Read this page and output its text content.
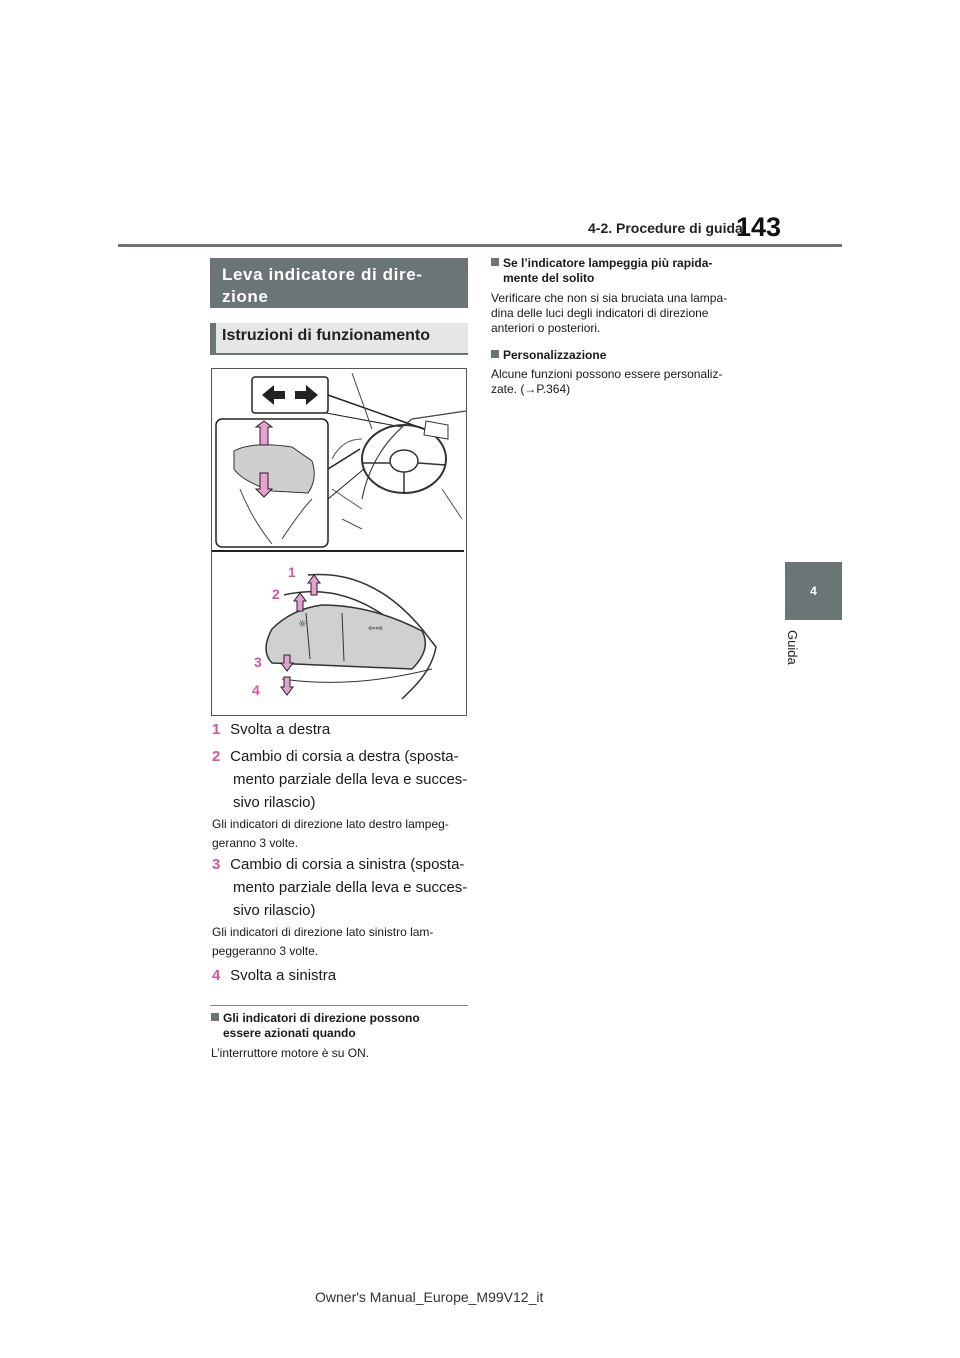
4-2. Procedure di guida
143
4
Guida
Leva indicatore di dire-
zione
Istruzioni di funzionamento
☼	⇦⇨
1
2
3
4
1 Svolta a destra
2 Cambio di corsia a destra (sposta-
mento parziale della leva e succes-
sivo rilascio)
Gli indicatori di direzione lato destro lampeg-
geranno 3 volte.
3 Cambio di corsia a sinistra (sposta-
mento parziale della leva e succes-
sivo rilascio)
Gli indicatori di direzione lato sinistro lam-
peggeranno 3 volte.
4 Svolta a sinistra
Gli indicatori di direzione possono
essere azionati quando
L’interruttore motore è su ON.
Se l’indicatore lampeggia più rapida-
mente del solito
Verificare che non si sia bruciata una lampa-
dina delle luci degli indicatori di direzione
anteriori o posteriori.
Personalizzazione
Alcune funzioni possono essere personaliz-
zate. (→P.364)
Owner's Manual_Europe_M99V12_it
